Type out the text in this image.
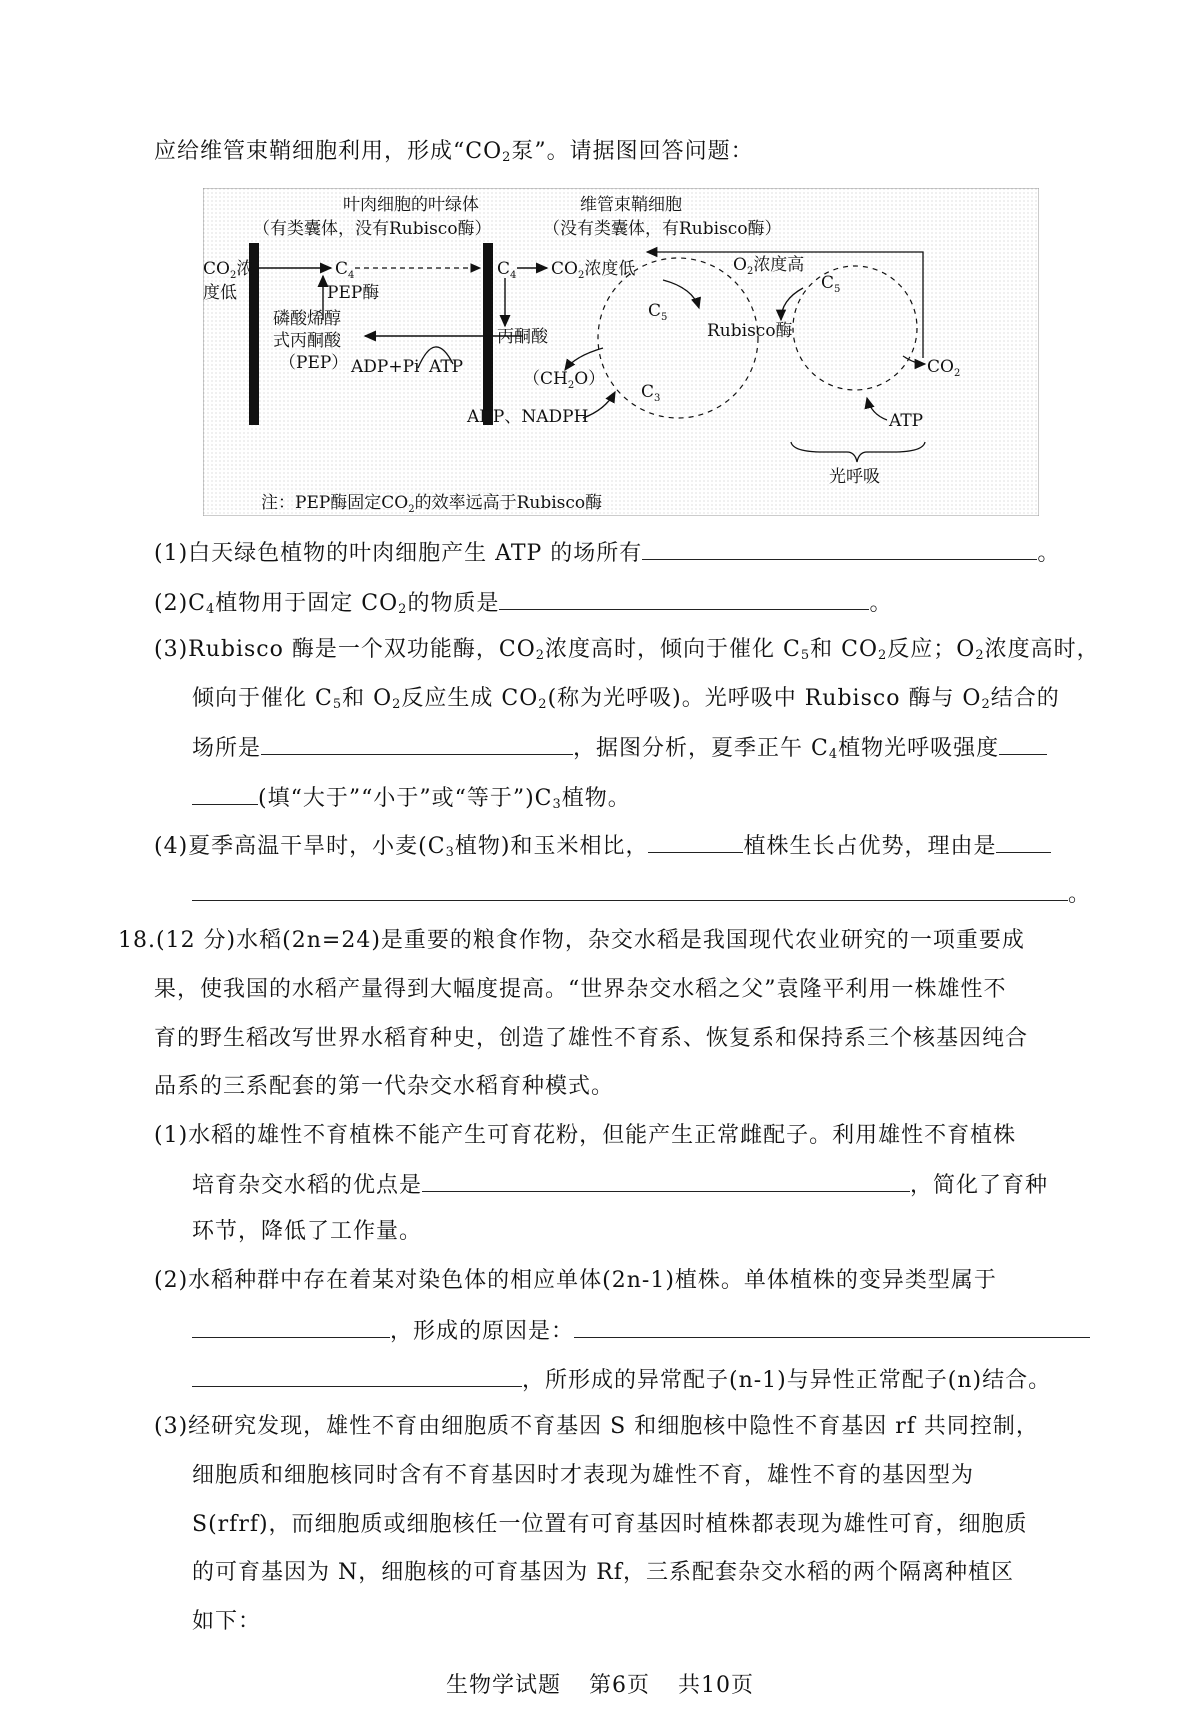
应给维管束鞘细胞利用，形成“$CO_2$泵”。请据图回答问题：
叶肉细胞的叶绿体
（有类囊体，没有Rubisco酶）
维管束鞘细胞
（没有类囊体，有Rubisco酶）
$CO_2$浓
度低
$C_4$
PEP酶
磷酸烯醇
式丙酮酸
（PEP） ADP+Pi ATP
$C_4$ $CO_2$浓度低
丙酮酸
$C_5$
Rubisco酶
$C_3$
$(CH_2O)$
ADP、NADPH
$O_2$浓度高
$C_5$
$CO_2$
ATP
光呼吸
注：PEP酶固定$CO_2$的效率远高于Rubisco酶
(1)白天绿色植物的叶肉细胞产生 ATP 的场所有	。
$(2)C_4$植物用于固定 $CO_2$的物质是	。
(3)Rubisco 酶是一个双功能酶，$CO_2$浓度高时，倾向于催化 $C_5$和 $CO_2$反应；$O_2$浓度高时，
倾向于催化 $C_5$和 $O_2$反应生成 $CO_2$(称为光呼吸)。光呼吸中 Rubisco 酶与 $O_2$结合的
场所是	，据图分析，夏季正午 $C_4$植物光呼吸强度
(填“大于”“小于”或“等于$”)C_3$植物。
(4)夏季高温干旱时，小麦($C_3$植物)和玉米相比，	植株生长占优势，理由是
。
18.(12 分)水稻(2n=24)是重要的粮食作物，杂交水稻是我国现代农业研究的一项重要成
果，使我国的水稻产量得到大幅度提高。“世界杂交水稻之父”袁隆平利用一株雄性不
育的野生稻改写世界水稻育种史，创造了雄性不育系、恢复系和保持系三个核基因纯合
品系的三系配套的第一代杂交水稻育种模式。
(1)水稻的雄性不育植株不能产生可育花粉，但能产生正常雌配子。利用雄性不育植株
培育杂交水稻的优点是	，简化了育种
环节，降低了工作量。
(2)水稻种群中存在着某对染色体的相应单体(2n-1)植株。单体植株的变异类型属于
，形成的原因是：
，所形成的异常配子(n-1)与异性正常配子(n)结合。
(3)经研究发现，雄性不育由细胞质不育基因 S 和细胞核中隐性不育基因 rf 共同控制，
细胞质和细胞核同时含有不育基因时才表现为雄性不育，雄性不育的基因型为
S(rfrf)，而细胞质或细胞核任一位置有可育基因时植株都表现为雄性可育，细胞质
的可育基因为 N，细胞核的可育基因为 Rf，三系配套杂交水稻的两个隔离种植区
如下：
生物学试题 第6页 共10页
